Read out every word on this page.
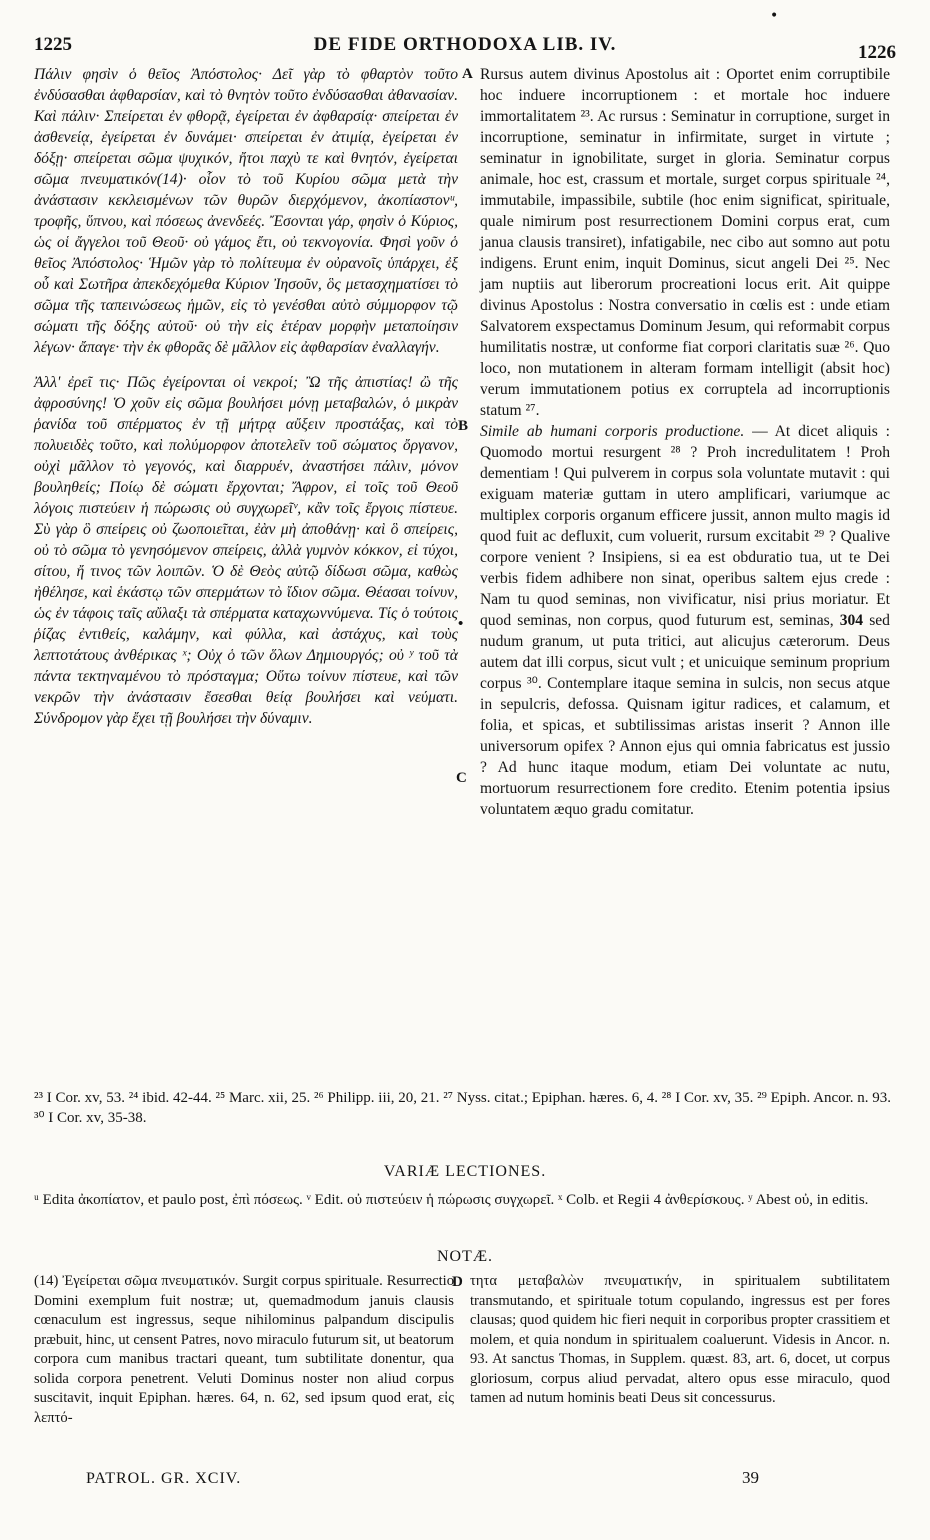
•
1225	DE FIDE ORTHODOXA LIB. IV.	1226

Πάλιν φησὶν ὁ θεῖος Ἀπόστολος· Δεῖ γὰρ τὸ φθαρτὸν τοῦτο ἐνδύσασθαι ἀφθαρσίαν, καὶ τὸ θνητὸν τοῦτο ἐνδύσασθαι ἀθανασίαν. Καὶ πάλιν· Σπείρεται ἐν φθορᾷ, ἐγείρεται ἐν ἀφθαρσίᾳ· σπείρεται ἐν ἀσθενείᾳ, ἐγείρεται ἐν δυνάμει· σπείρεται ἐν ἀτιμίᾳ, ἐγείρεται ἐν δόξῃ· σπείρεται σῶμα ψυχικόν, ἤτοι παχὺ τε καὶ θνητόν, ἐγείρεται σῶμα πνευματικόν(14)· οἷον τὸ τοῦ Κυρίου σῶμα μετὰ τὴν ἀνάστασιν κεκλεισμένων τῶν θυρῶν διερχόμενον, ἀκοπίαστονᵘ, τροφῆς, ὕπνου, καὶ πόσεως ἀνενδεές. Ἔσονται γάρ, φησὶν ὁ Κύριος, ὡς οἱ ἄγγελοι τοῦ Θεοῦ· οὐ γάμος ἔτι, οὐ τεκνογονία. Φησὶ γοῦν ὁ θεῖος Ἀπόστολος· Ἡμῶν γὰρ τὸ πολίτευμα ἐν οὐρανοῖς ὑπάρχει, ἐξ οὗ καὶ Σωτῆρα ἀπεκδεχόμεθα Κύριον Ἰησοῦν, ὃς μετασχηματίσει τὸ σῶμα τῆς ταπεινώσεως ἡμῶν, εἰς τὸ γενέσθαι αὐτὸ σύμμορφον τῷ σώματι τῆς δόξης αὐτοῦ· οὐ τὴν εἰς ἑτέραν μορφὴν μεταποίησιν λέγων· ἄπαγε· τὴν ἐκ φθορᾶς δὲ μᾶλλον εἰς ἀφθαρσίαν ἐναλλαγήν.

Ἀλλ' ἐρεῖ τις· Πῶς ἐγείρονται οἱ νεκροί; Ὢ τῆς ἀπιστίας! ὢ τῆς ἀφροσύνης! Ὁ χοῦν εἰς σῶμα βουλήσει μόνῃ μεταβαλών, ὁ μικρὰν ῥανίδα τοῦ σπέρματος ἐν τῇ μήτρᾳ αὔξειν προστάξας, καὶ τὸ πολυειδὲς τοῦτο, καὶ πολύμορφον ἀποτελεῖν τοῦ σώματος ὄργανον, οὐχὶ μᾶλλον τὸ γεγονός, καὶ διαρρυέν, ἀναστήσει πάλιν, μόνον βουληθείς; Ποίῳ δὲ σώματι ἔρχονται; Ἄφρον, εἰ τοῖς τοῦ Θεοῦ λόγοις πιστεύειν ἡ πώρωσις οὐ συγχωρεῖᵛ, κἂν τοῖς ἔργοις πίστευε. Σὺ γὰρ ὃ σπείρεις οὐ ζωοποιεῖται, ἐὰν μὴ ἀποθάνῃ· καὶ ὃ σπείρεις, οὐ τὸ σῶμα τὸ γενησόμενον σπείρεις, ἀλλὰ γυμνὸν κόκκον, εἰ τύχοι, σίτου, ἤ τινος τῶν λοιπῶν. Ὁ δὲ Θεὸς αὐτῷ δίδωσι σῶμα, καθὼς ἠθέλησε, καὶ ἑκάστῳ τῶν σπερμάτων τὸ ἴδιον σῶμα. Θέασαι τοίνυν, ὡς ἐν τάφοις ταῖς αὔλαξι τὰ σπέρματα καταχωννύμενα. Τίς ὁ τούτοις ῥίζας ἐντιθείς, καλάμην, καὶ φύλλα, καὶ ἀστάχυς, καὶ τοὺς λεπτοτάτους ἀνθέρικας ˣ; Οὐχ ὁ τῶν ὅλων Δημιουργός; οὐ ʸ τοῦ τὰ πάντα τεκτηναμένου τὸ πρόσταγμα; Οὕτω τοίνυν πίστευε, καὶ τῶν νεκρῶν τὴν ἀνάστασιν ἔσεσθαι θείᾳ βουλήσει καὶ νεύματι. Σύνδρομον γὰρ ἔχει τῇ βουλήσει τὴν δύναμιν.

A
B
•
C
D

Rursus autem divinus Apostolus ait : Oportet enim corruptibile hoc induere incorruptionem : et mortale hoc induere immortalitatem ²³. Ac rursus : Seminatur in corruptione, surget in incorruptione, seminatur in infirmitate, surget in virtute ; seminatur in ignobilitate, surget in gloria. Seminatur corpus animale, hoc est, crassum et mortale, surget corpus spirituale ²⁴, immutabile, impassibile, subtile (hoc enim significat, spirituale, quale nimirum post resurrectionem Domini corpus erat, cum janua clausis transiret), infatigabile, nec cibo aut somno aut potu indigens. Erunt enim, inquit Dominus, sicut angeli Dei ²⁵. Nec jam nuptiis aut liberorum procreationi locus erit. Ait quippe divinus Apostolus : Nostra conversatio in cœlis est : unde etiam Salvatorem exspectamus Dominum Jesum, qui reformabit corpus humilitatis nostræ, ut conforme fiat corpori claritatis suæ ²⁶. Quo loco, non mutationem in alteram formam intelligit (absit hoc) verum immutationem potius ex corruptela ad incorruptionis statum ²⁷.

Simile ab humani corporis productione. — At dicet aliquis : Quomodo mortui resurgent ²⁸ ? Proh incredulitatem ! Proh dementiam ! Qui pulverem in corpus sola voluntate mutavit : qui exiguam materiæ guttam in utero amplificari, variumque ac multiplex corporis organum efficere jussit, annon multo magis id quod fuit ac defluxit, cum voluerit, rursum excitabit ²⁹ ? Qualive corpore venient ? Insipiens, si ea est obduratio tua, ut te Dei verbis fidem adhibere non sinat, operibus saltem ejus crede : Nam tu quod seminas, non vivificatur, nisi prius moriatur. Et quod seminas, non corpus, quod futurum est, seminas, 304 sed nudum granum, ut puta tritici, aut alicujus cæterorum. Deus autem dat illi corpus, sicut vult ; et unicuique seminum proprium corpus ³⁰. Contemplare itaque semina in sulcis, non secus atque in sepulcris, defossa. Quisnam igitur radices, et calamum, et folia, et spicas, et subtilissimas aristas inserit ? Annon ille universorum opifex ? Annon ejus qui omnia fabricatus est jussio ? Ad hunc itaque modum, etiam Dei voluntate ac nutu, mortuorum resurrectionem fore credito. Etenim potentia ipsius voluntatem æquo gradu comitatur.

²³ I Cor. xv, 53. ²⁴ ibid. 42-44. ²⁵ Marc. xii, 25. ²⁶ Philipp. iii, 20, 21. ²⁷ Nyss. citat.; Epiphan. hæres. 6, 4. ²⁸ I Cor. xv, 35. ²⁹ Epiph. Ancor. n. 93. ³⁰ I Cor. xv, 35-38.
VARIÆ LECTIONES.
ᵘ Edita ἀκοπίατον, et paulo post, ἐπὶ πόσεως. ᵛ Edit. οὐ πιστεύειν ἡ πώρωσις συγχωρεῖ. ˣ Colb. et Regii 4 ἀνθερίσκους. ʸ Abest οὐ, in editis.
NOTÆ.
(14) Ἐγείρεται σῶμα πνευματικόν. Surgit corpus spirituale. Resurrectio Domini exemplum fuit nostræ; ut, quemadmodum januis clausis cœnaculum est ingressus, seque nihilominus palpandum discipulis præbuit, hinc, ut censent Patres, novo miraculo futurum sit, ut beatorum corpora cum manibus tractari queant, tum subtilitate donentur, qua solida corpora penetrent. Veluti Dominus noster non aliud corpus suscitavit, inquit Epiphan. hæres. 64, n. 62, sed ipsum quod erat, εἰς λεπτό-
τητα μεταβαλὼν πνευματικήν, in spiritualem subtilitatem transmutando, et spirituale totum copulando, ingressus est per fores clausas; quod quidem hic fieri nequit in corporibus propter crassitiem et molem, et quia nondum in spiritualem coaluerunt. Videsis in Ancor. n. 93. At sanctus Thomas, in Supplem. quæst. 83, art. 6, docet, ut corpus gloriosum, corpus aliud pervadat, altero opus esse miraculo, quod tamen ad nutum hominis beati Deus sit concessurus.
PATROL. GR. XCIV.	39
